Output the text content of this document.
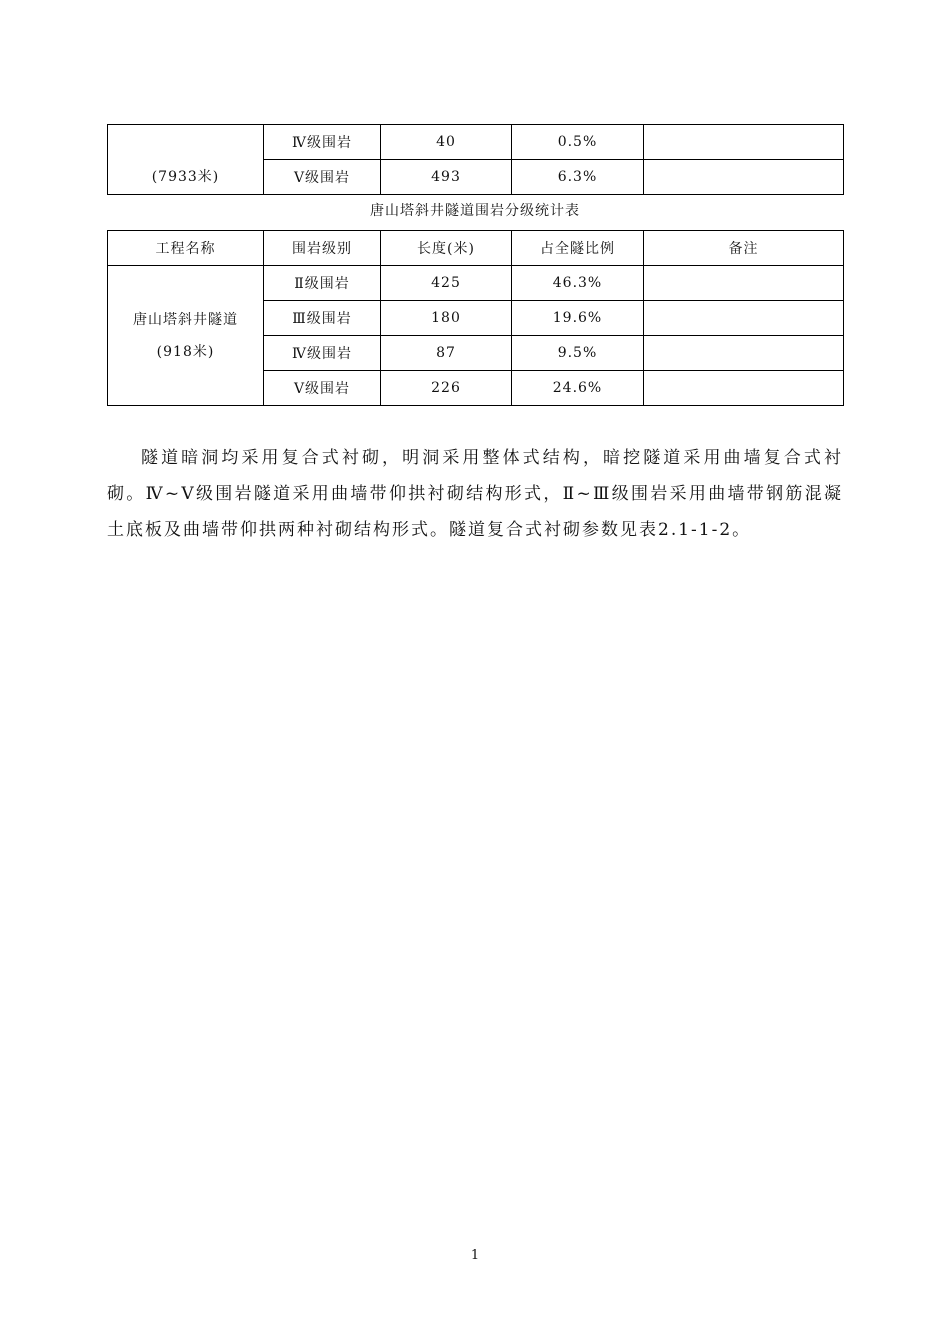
(7933米)	Ⅳ级围岩	40	0.5%	
	Ⅴ级围岩	493	6.3%	
唐山塔斜井隧道围岩分级统计表
工程名称	围岩级别	长度(米)	占全隧比例	备注

唐山塔斜井隧道
(918米)	Ⅱ级围岩	425	46.3%	
	Ⅲ级围岩	180	19.6%	
	Ⅳ级围岩	87	9.5%	
	Ⅴ级围岩	226	24.6%	

隧道暗洞均采用复合式衬砌，明洞采用整体式结构，暗挖隧道采用曲墙复合式衬砌。Ⅳ~Ⅴ级围岩隧道采用曲墙带仰拱衬砌结构形式，Ⅱ~Ⅲ级围岩采用曲墙带钢筋混凝土底板及曲墙带仰拱两种衬砌结构形式。隧道复合式衬砌参数见表2.1-1-2。

1
